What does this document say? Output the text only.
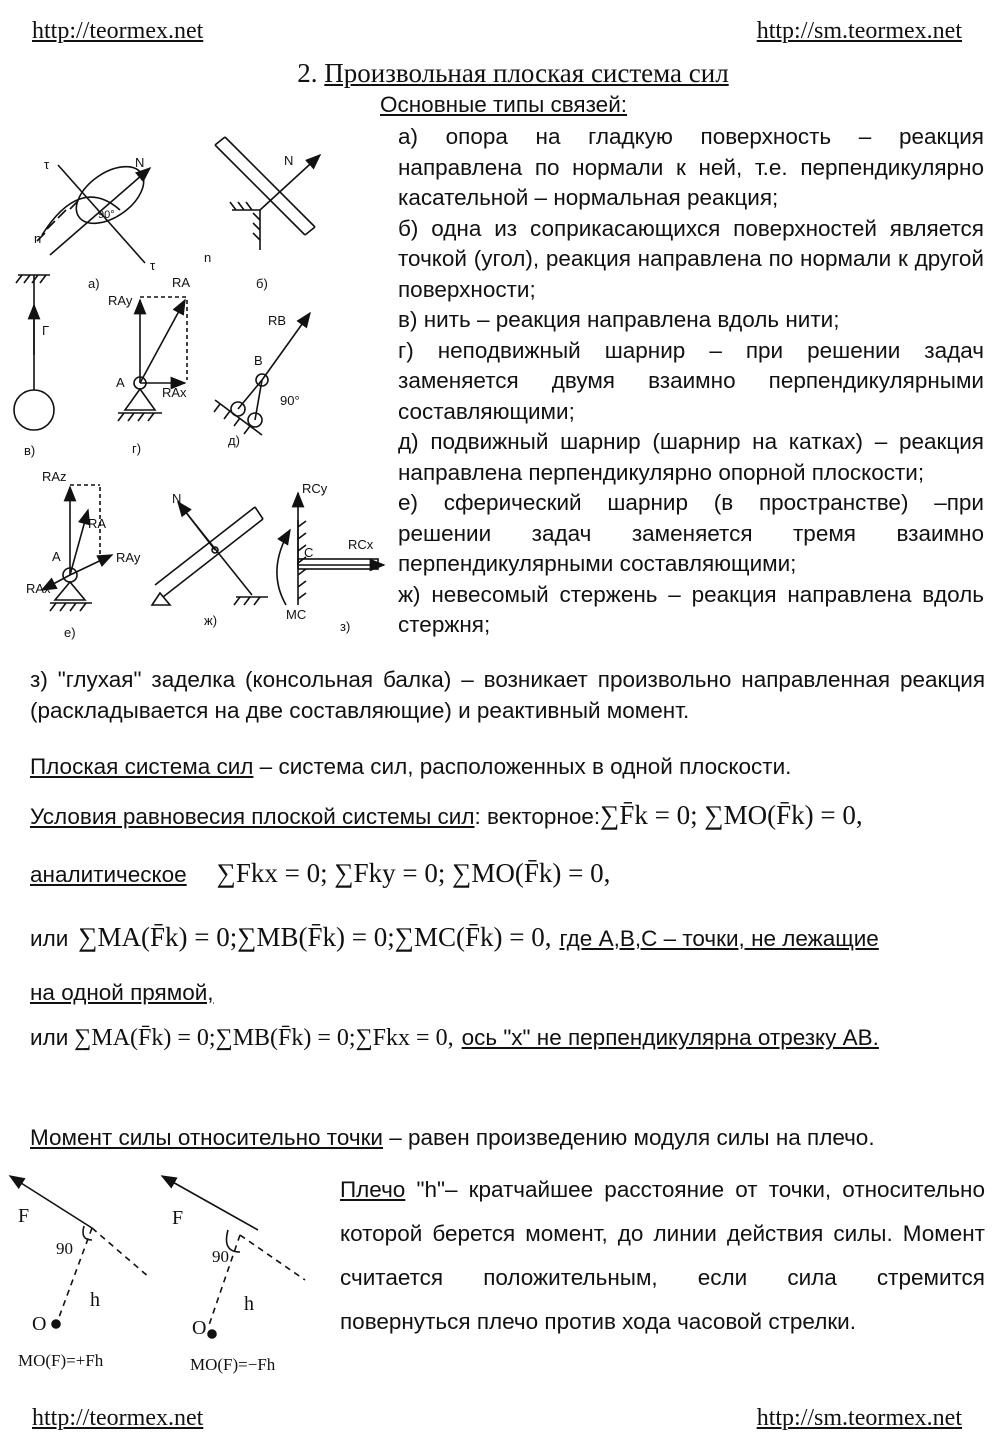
http://teormex.net	http://sm.teormex.net
2. Произвольная плоская система сил
Основные типы связей:

а) опора на гладкую поверхность – реакция направлена по нормали к ней, т.е. перпендикулярно касательной – нормальная реакция;

б) одна из соприкасающихся поверхностей является точкой (угол), реакция направлена по нормали к другой поверхности;

в) нить – реакция направлена вдоль нити;

г) неподвижный шарнир – при решении задач заменяется двумя взаимно перпендикулярными составляющими;

д) подвижный шарнир (шарнир на катках) – реакция направлена перпендикулярно опорной плоскости;

е) сферический шарнир (в пространстве) –при решении задач заменяется тремя взаимно перпендикулярными составляющими;

ж) невесомый стержень – реакция направлена вдоль стержня;

з) "глухая" заделка (консольная балка) – возникает произвольно направленная реакция (раскладывается на две составляющие) и реактивный момент.
τ	N
n
90°
τ
а)
N
n
б)
Г
в)
RA
RAy
RAx
A
г)
RB
B
90°
д)
RAz
RA
RAy
RAx
A
е)
N
ж)
RCy
RCx
C
MC
з)
Плоская система сил – система сил, расположенных в одной плоскости.
Условия равновесия плоской системы сил : векторное: ∑F̄k = 0; ∑MO(F̄k) = 0,
аналитическое ∑Fkx = 0; ∑Fky = 0; ∑MO(F̄k) = 0,
или ∑MA(F̄k) = 0;∑MB(F̄k) = 0;∑MC(F̄k) = 0, где A,B,C – точки, не лежащие
на одной прямой,
или ∑MA(F̄k) = 0;∑MB(F̄k) = 0;∑Fkx = 0, ось "x" не перпендикулярна отрезку АВ.
Момент силы относительно точки – равен произведению модуля силы на плечо.
Плечо "h"– кратчайшее расстояние от точки, относительно которой берется момент, до линии действия силы. Момент считается положительным, если сила стремится повернуться плечо против хода часовой стрелки.
F
90
h
O
MO(F)=+Fh
F
90
h
O
MO(F)=−Fh
http://teormex.net	http://sm.teormex.net
